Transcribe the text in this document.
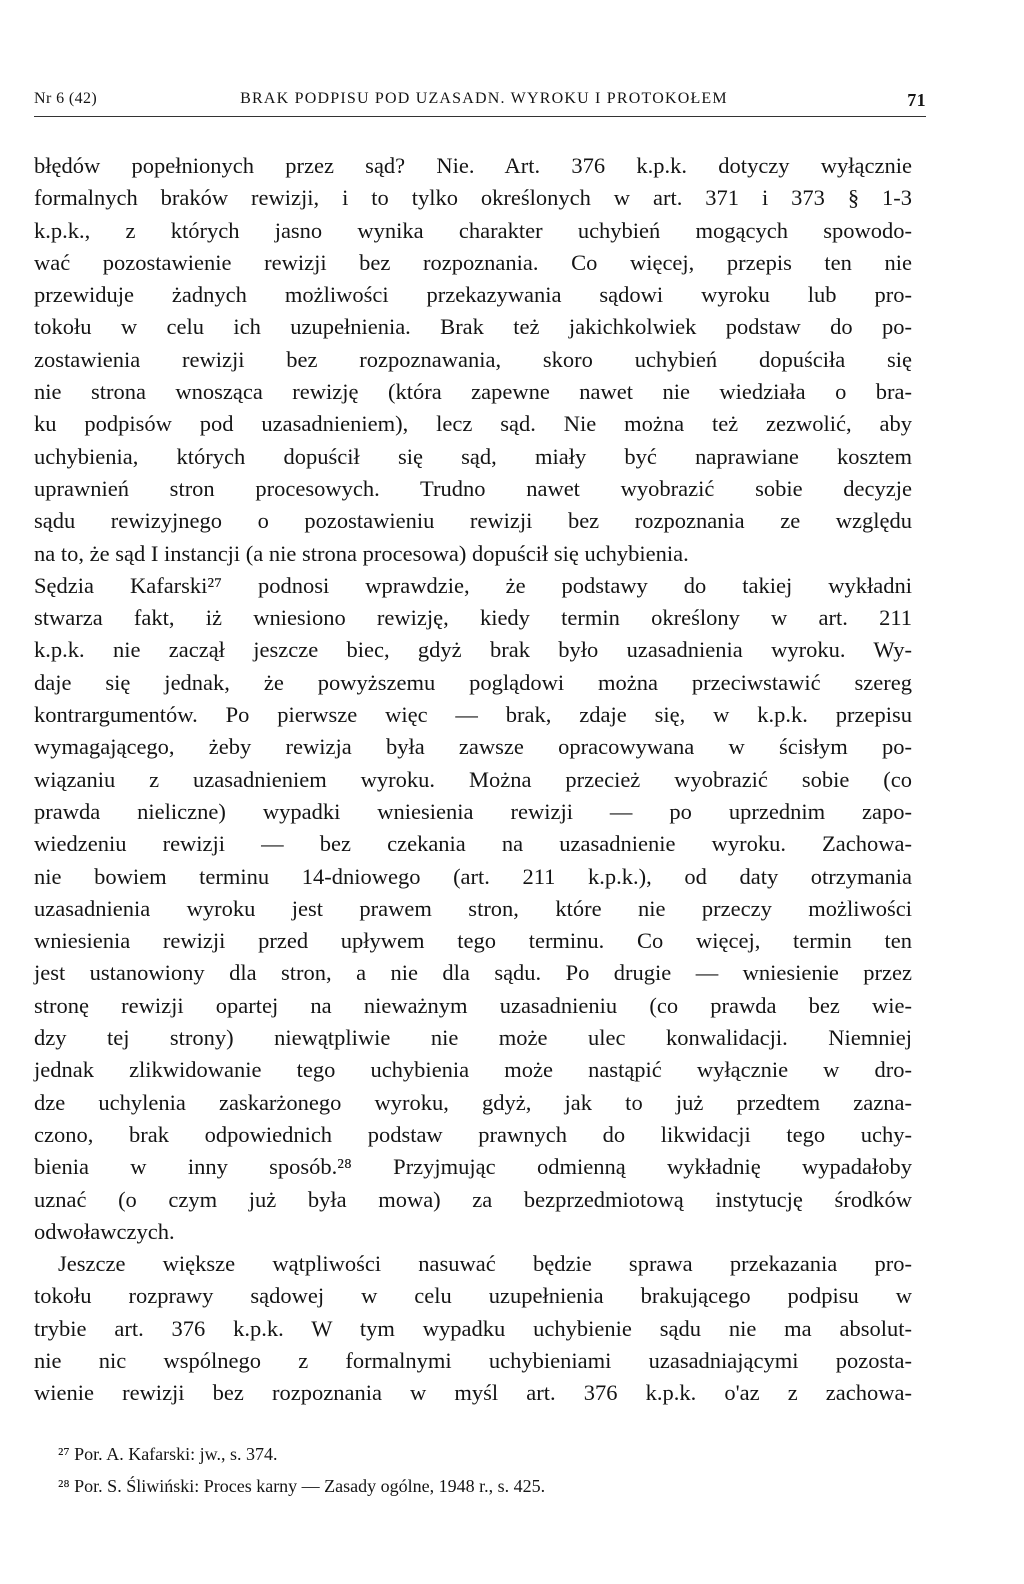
Nr 6 (42)	BRAK PODPISU POD UZASADN. WYROKU I PROTOKOŁEM	71
błędów popełnionych przez sąd? Nie. Art. 376 k.p.k. dotyczy wyłącznie
formalnych braków rewizji, i to tylko określonych w art. 371 i 373 § 1-3
k.p.k., z których jasno wynika charakter uchybień mogących spowodo-
wać pozostawienie rewizji bez rozpoznania. Co więcej, przepis ten nie
przewiduje żadnych możliwości przekazywania sądowi wyroku lub pro-
tokołu w celu ich uzupełnienia. Brak też jakichkolwiek podstaw do po-
zostawienia rewizji bez rozpoznawania, skoro uchybień dopuściła się
nie strona wnosząca rewizję (która zapewne nawet nie wiedziała o bra-
ku podpisów pod uzasadnieniem), lecz sąd. Nie można też zezwolić, aby
uchybienia, których dopuścił się sąd, miały być naprawiane kosztem
uprawnień stron procesowych. Trudno nawet wyobrazić sobie decyzje
sądu rewizyjnego o pozostawieniu rewizji bez rozpoznania ze względu
na to, że sąd I instancji (a nie strona procesowa) dopuścił się uchybienia.
Sędzia Kafarski²⁷ podnosi wprawdzie, że podstawy do takiej wykładni
stwarza fakt, iż wniesiono rewizję, kiedy termin określony w art. 211
k.p.k. nie zaczął jeszcze biec, gdyż brak było uzasadnienia wyroku. Wy-
daje się jednak, że powyższemu poglądowi można przeciwstawić szereg
kontrargumentów. Po pierwsze więc — brak, zdaje się, w k.p.k. przepisu
wymagającego, żeby rewizja była zawsze opracowywana w ścisłym po-
wiązaniu z uzasadnieniem wyroku. Można przecież wyobrazić sobie (co
prawda nieliczne) wypadki wniesienia rewizji — po uprzednim zapo-
wiedzeniu rewizji — bez czekania na uzasadnienie wyroku. Zachowa-
nie bowiem terminu 14-dniowego (art. 211 k.p.k.), od daty otrzymania
uzasadnienia wyroku jest prawem stron, które nie przeczy możliwości
wniesienia rewizji przed upływem tego terminu. Co więcej, termin ten
jest ustanowiony dla stron, a nie dla sądu. Po drugie — wniesienie przez
stronę rewizji opartej na nieważnym uzasadnieniu (co prawda bez wie-
dzy tej strony) niewątpliwie nie może ulec konwalidacji. Niemniej
jednak zlikwidowanie tego uchybienia może nastąpić wyłącznie w dro-
dze uchylenia zaskarżonego wyroku, gdyż, jak to już przedtem zazna-
czono, brak odpowiednich podstaw prawnych do likwidacji tego uchy-
bienia w inny sposób.²⁸ Przyjmując odmienną wykładnię wypadałoby
uznać (o czym już była mowa) za bezprzedmiotową instytucję środków
odwoławczych.
Jeszcze większe wątpliwości nasuwać będzie sprawa przekazania pro-
tokołu rozprawy sądowej w celu uzupełnienia brakującego podpisu w
trybie art. 376 k.p.k. W tym wypadku uchybienie sądu nie ma absolut-
nie nic wspólnego z formalnymi uchybieniami uzasadniającymi pozosta-
wienie rewizji bez rozpoznania w myśl art. 376 k.p.k. o'az z zachowa-
²⁷ Por. A. Kafarski: jw., s. 374.
²⁸ Por. S. Śliwiński: Proces karny — Zasady ogólne, 1948 r., s. 425.
